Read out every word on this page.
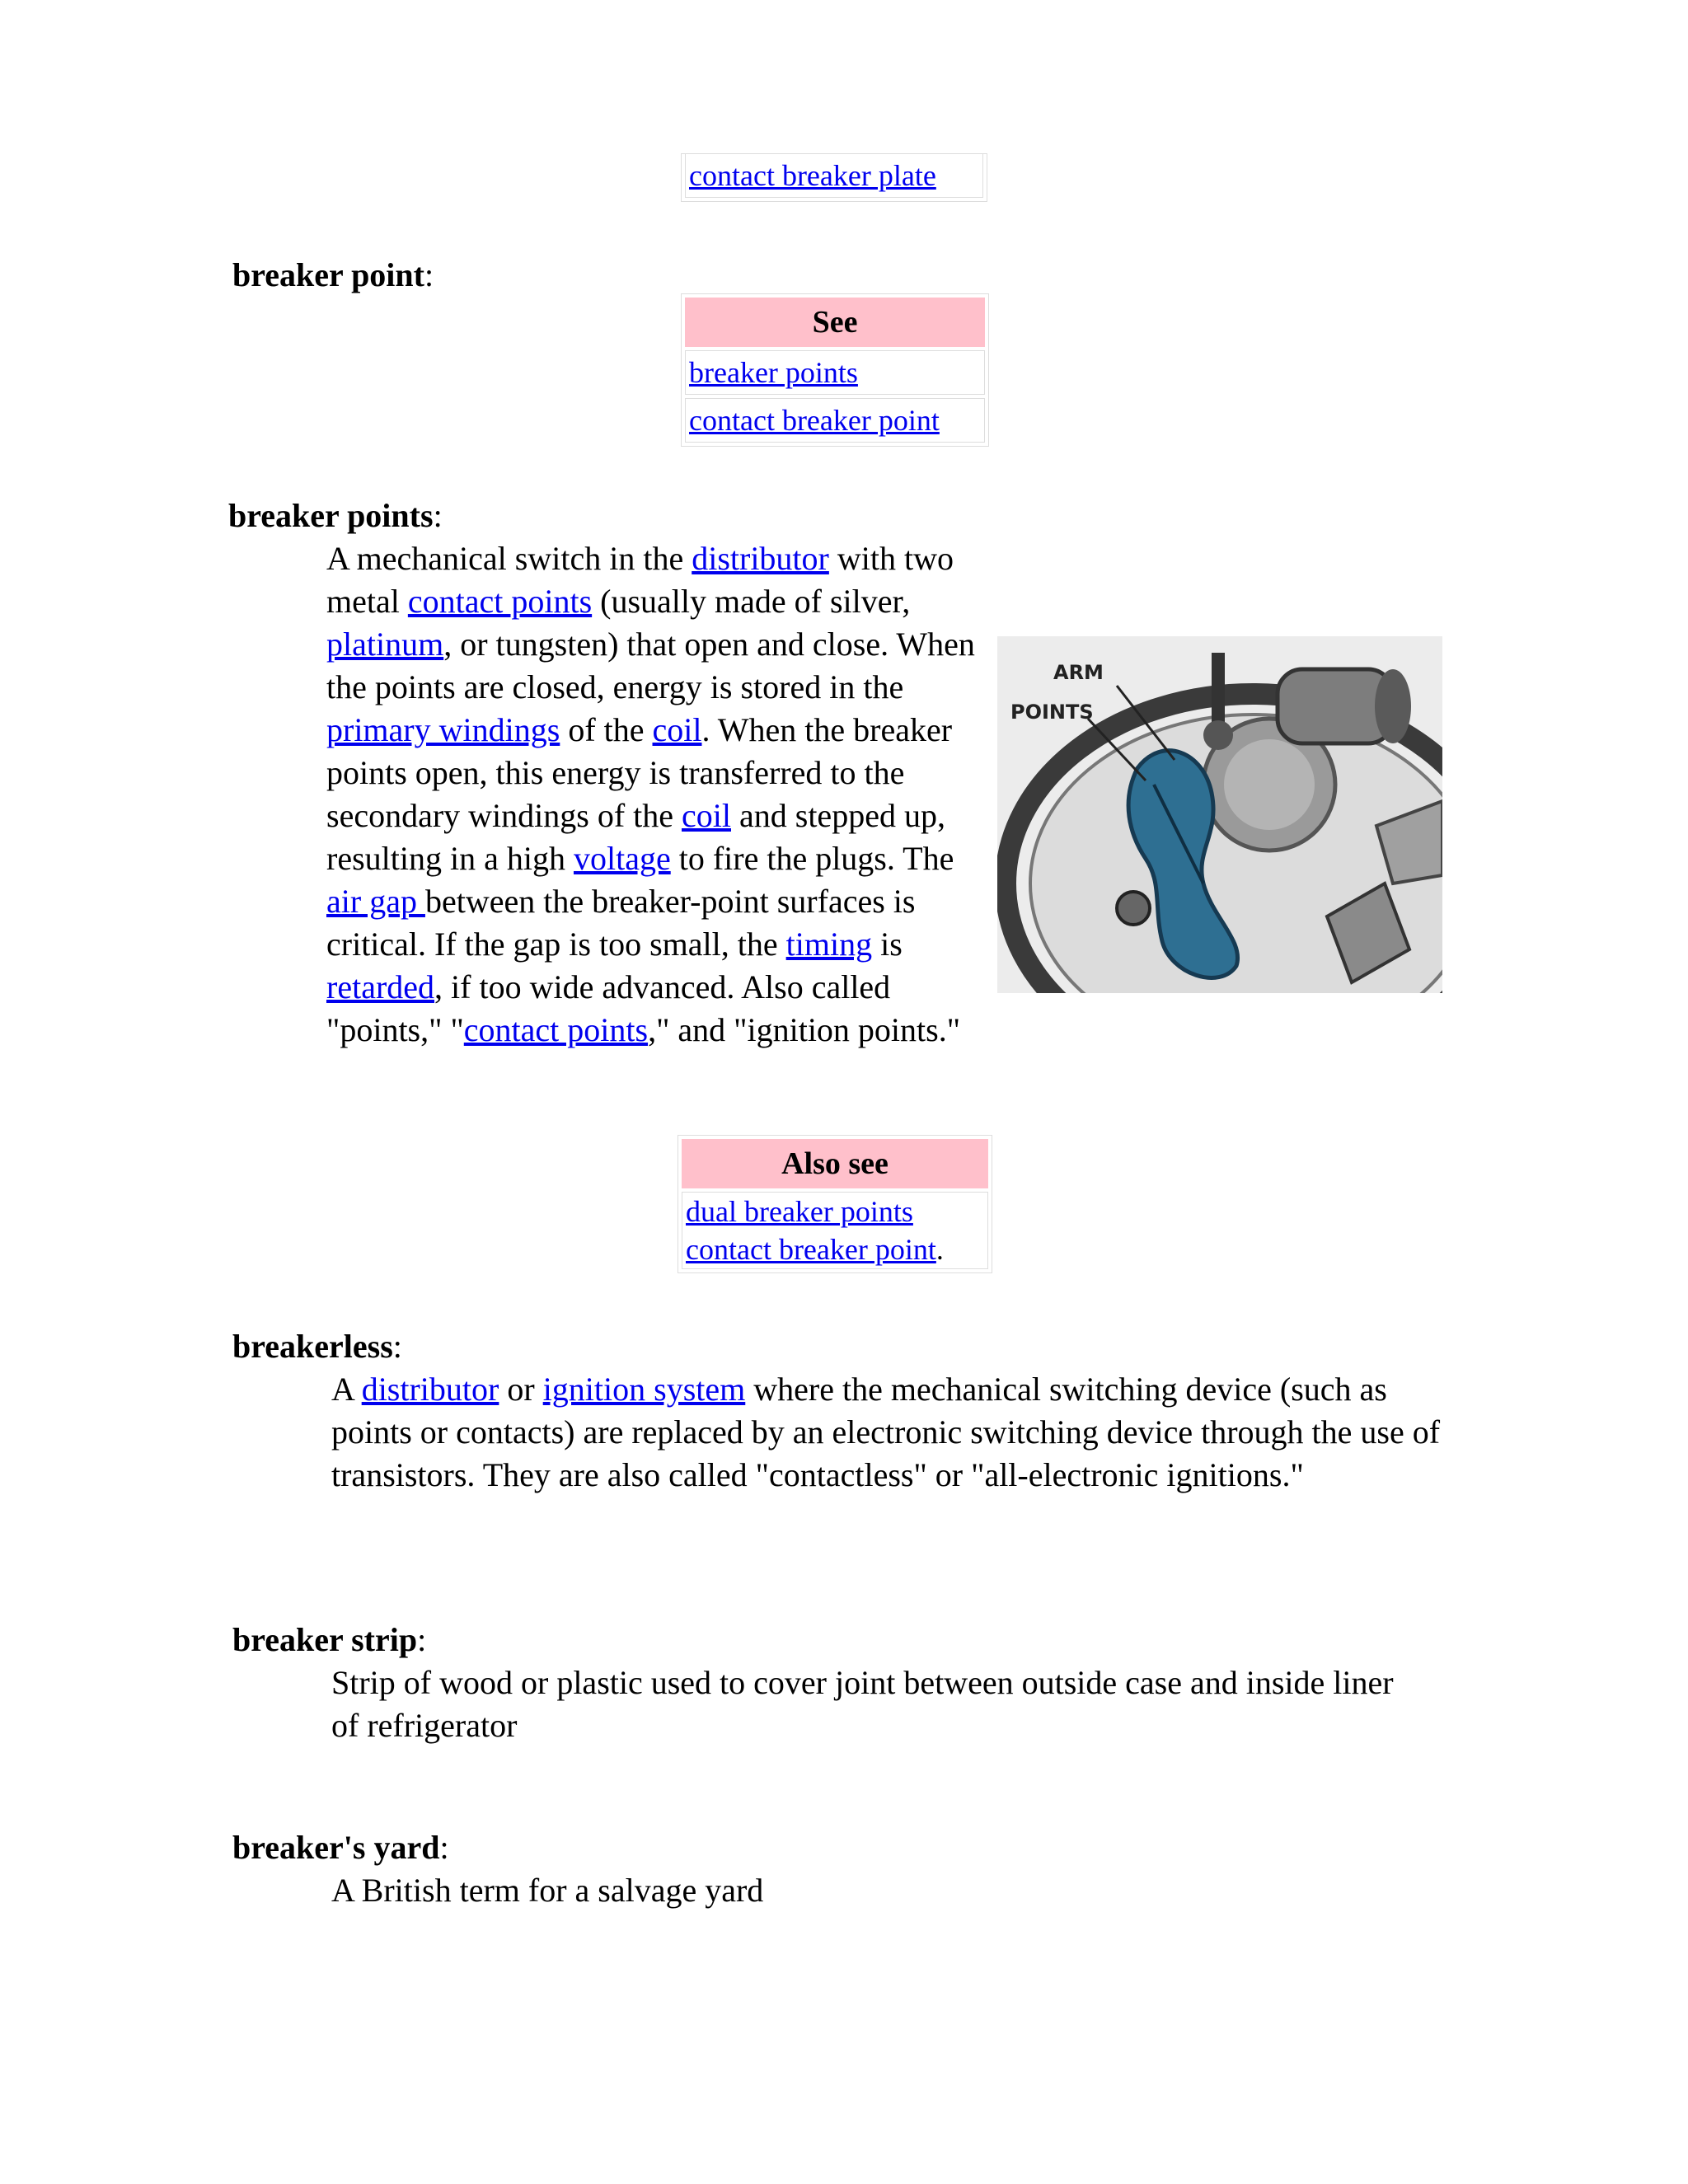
contact breaker plate
breaker point:
See
breaker points
contact breaker point
breaker points:
A mechanical switch in the distributor with two metal contact points (usually made of silver, platinum, or tungsten) that open and close. When the points are closed, energy is stored in the primary windings of the coil. When the breaker points open, this energy is transferred to the secondary windings of the coil and stepped up, resulting in a high voltage to fire the plugs. The air gap between the breaker-point surfaces is critical. If the gap is too small, the timing is retarded, if too wide advanced. Also called "points," "contact points," and "ignition points."
ARM
POINTS
Also see
dual breaker points
contact breaker point.
breakerless:
A distributor or ignition system where the mechanical switching device (such as points or contacts) are replaced by an electronic switching device through the use of transistors. They are also called "contactless" or "all-electronic ignitions."
breaker strip:
Strip of wood or plastic used to cover joint between outside case and inside liner of refrigerator
breaker's yard:
A British term for a salvage yard
